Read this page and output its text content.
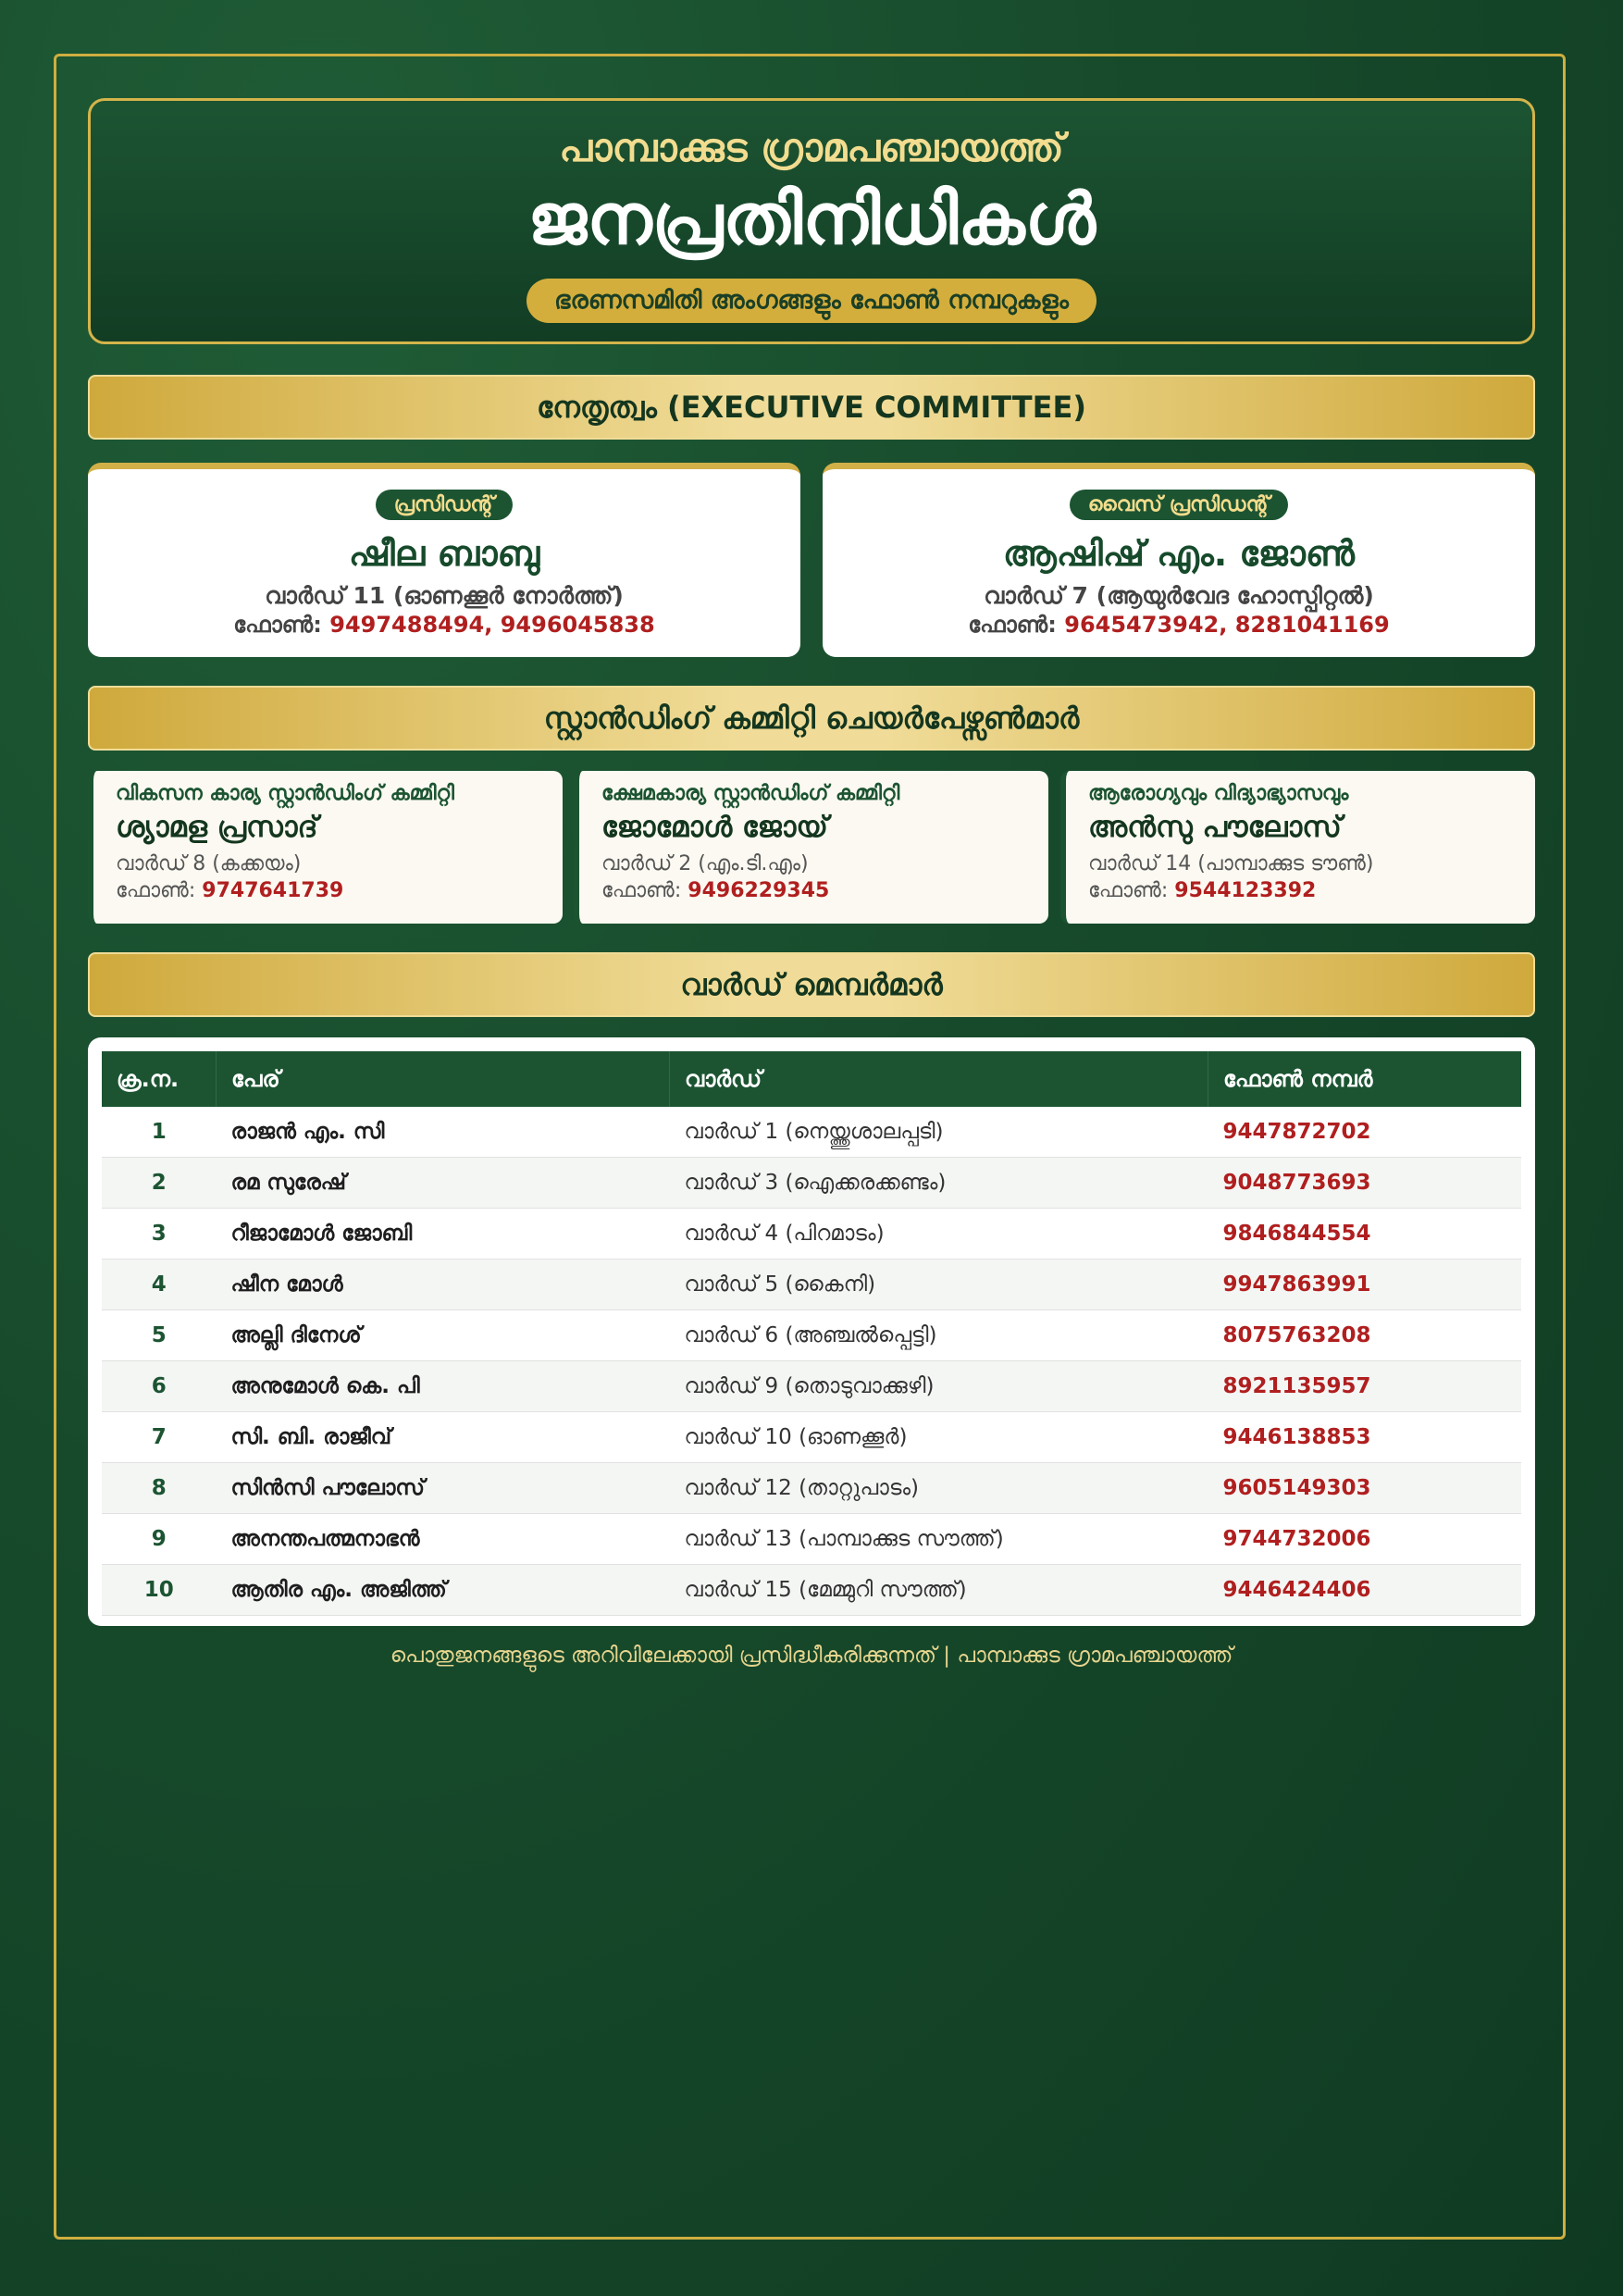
പാമ്പാക്കുട ഗ്രാമപഞ്ചായത്ത്
ജനപ്രതിനിധികൾ
ഭരണസമിതി അംഗങ്ങളും ഫോൺ നമ്പറുകളും
നേതൃത്വം (EXECUTIVE COMMITTEE)
പ്രസിഡന്റ്
ഷീല ബാബു
വാർഡ് 11 (ഓണക്കൂർ നോർത്ത്)
ഫോൺ: 9497488494, 9496045838
വൈസ് പ്രസിഡന്റ്
ആഷിഷ് എം. ജോൺ
വാർഡ് 7 (ആയുർവേദ ഹോസ്പിറ്റൽ)
ഫോൺ: 9645473942, 8281041169
സ്റ്റാൻഡിംഗ് കമ്മിറ്റി ചെയർപേഴ്സൺമാർ
വികസന കാര്യ സ്റ്റാൻഡിംഗ് കമ്മിറ്റി
ശ്യാമള പ്രസാദ്
വാർഡ് 8 (കക്കയം)
ഫോൺ: 9747641739
ക്ഷേമകാര്യ സ്റ്റാൻഡിംഗ് കമ്മിറ്റി
ജോമോൾ ജോയ്
വാർഡ് 2 (എം.ടി.എം)
ഫോൺ: 9496229345
ആരോഗ്യവും വിദ്യാഭ്യാസവും
അൻസു പൗലോസ്
വാർഡ് 14 (പാമ്പാക്കുട ടൗൺ)
ഫോൺ: 9544123392
വാർഡ് മെമ്പർമാർ
ക്ര.ന.	പേര്	വാർഡ്	ഫോൺ നമ്പർ
1	രാജൻ എം. സി	വാർഡ് 1 (നെയ്ത്തുശാലപ്പടി)	9447872702
2	രമ സുരേഷ്	വാർഡ് 3 (ഐക്കരക്കണ്ടം)	9048773693
3	റീജാമോൾ ജോബി	വാർഡ് 4 (പിറമാടം)	9846844554
4	ഷീന മോൾ	വാർഡ് 5 (കൈനി)	9947863991
5	അല്ലി ദിനേശ്	വാർഡ് 6 (അഞ്ചൽപ്പെട്ടി)	8075763208
6	അനുമോൾ കെ. പി	വാർഡ് 9 (തൊടുവാക്കുഴി)	8921135957
7	സി. ബി. രാജീവ്	വാർഡ് 10 (ഓണക്കൂർ)	9446138853
8	സിൻസി പൗലോസ്	വാർഡ് 12 (താറ്റുപാടം)	9605149303
9	അനന്തപത്മനാഭൻ	വാർഡ് 13 (പാമ്പാക്കുട സൗത്ത്)	9744732006
10	ആതിര എം. അജിത്ത്	വാർഡ് 15 (മേമ്മുറി സൗത്ത്)	9446424406
പൊതുജനങ്ങളുടെ അറിവിലേക്കായി പ്രസിദ്ധീകരിക്കുന്നത് | പാമ്പാക്കുട ഗ്രാമപഞ്ചായത്ത്
